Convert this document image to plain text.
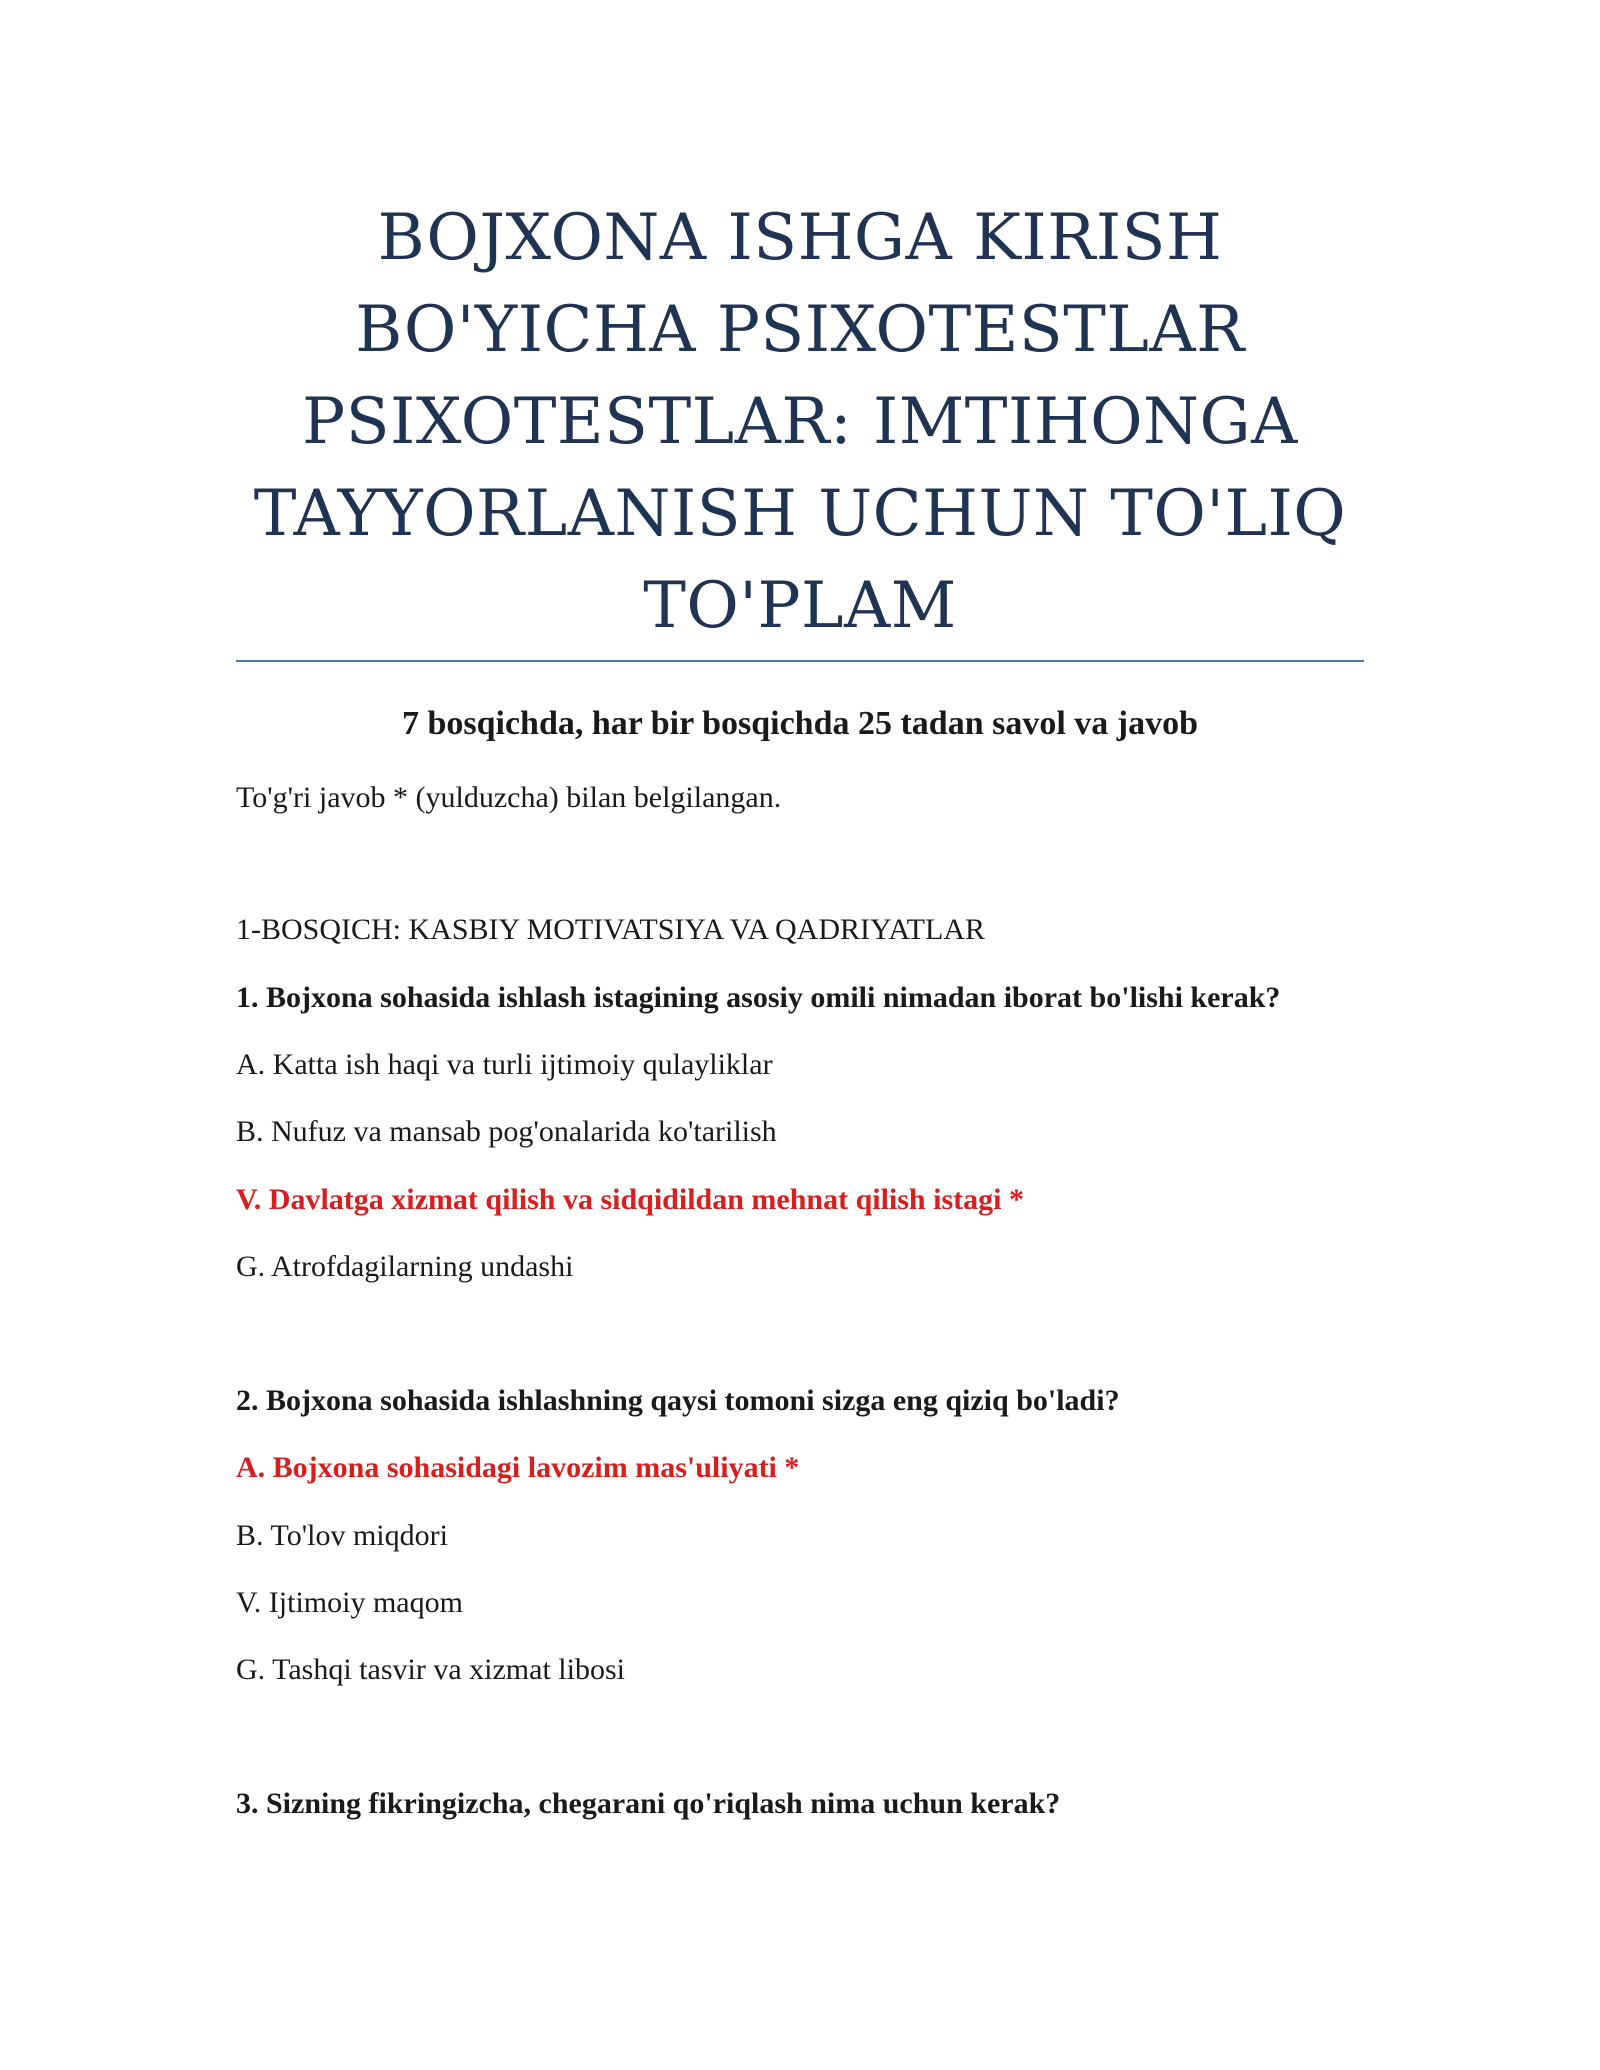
BOJXONA ISHGA KIRISH
BO'YICHA PSIXOTESTLAR
PSIXOTESTLAR: IMTIHONGA
TAYYORLANISH UCHUN TO'LIQ
TO'PLAM

7 bosqichda, har bir bosqichda 25 tadan savol va javob

To'g'ri javob * (yulduzcha) bilan belgilangan.

1-BOSQICH: KASBIY MOTIVATSIYA VA QADRIYATLAR

1. Bojxona sohasida ishlash istagining asosiy omili nimadan iborat bo'lishi kerak?

A. Katta ish haqi va turli ijtimoiy qulayliklar

B. Nufuz va mansab pog'onalarida ko'tarilish

V. Davlatga xizmat qilish va sidqidildan mehnat qilish istagi *

G. Atrofdagilarning undashi

2. Bojxona sohasida ishlashning qaysi tomoni sizga eng qiziq bo'ladi?

A. Bojxona sohasidagi lavozim mas'uliyati *

B. To'lov miqdori

V. Ijtimoiy maqom

G. Tashqi tasvir va xizmat libosi

3. Sizning fikringizcha, chegarani qo'riqlash nima uchun kerak?
